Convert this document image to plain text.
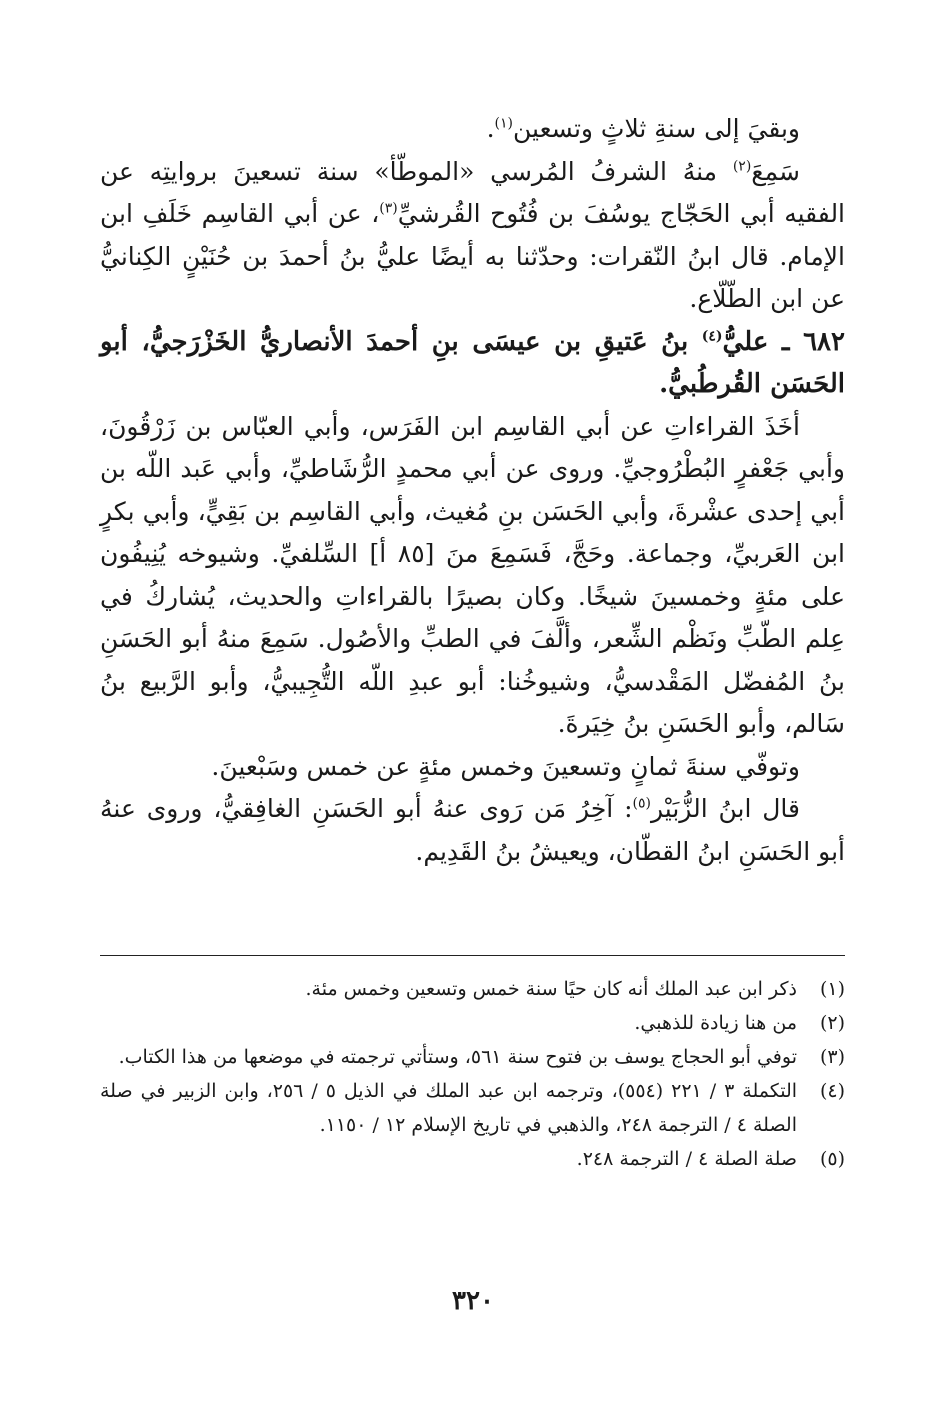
وبقيَ إلى سنةِ ثلاثٍ وتسعين$^{(١)}$.

سَمِعَ$^{(٢)}$ منهُ الشرفُ المُرسي «الموطّأ» سنة تسعينَ بروايتِه عن الفقيه أبي الحَجّاج يوسُفَ بن فُتُوح القُرشيِّ$^{(٣)}$، عن أبي القاسِم خَلَفِ ابن الإمام. قال ابنُ النّقرات: وحدّثنا به أيضًا عليُّ بنُ أحمدَ بن حُنَيْنٍ الكِنانيُّ عن ابن الطّلّاع.

٦٨٢ ـ عليُّ$^{(٤)}$ بنُ عَتيقِ بن عيسَى بنِ أحمدَ الأنصاريُّ الخَزْرَجيُّ، أبو الحَسَن القُرطُبيُّ.

أخَذَ القراءاتِ عن أبي القاسِم ابن الفَرَس، وأبي العبّاس بن زَرْقُونَ، وأبي جَعْفرٍ البُطْرُوجيِّ. وروى عن أبي محمدٍ الرُّشَاطيِّ، وأبي عَبد اللّه بن أبي إحدى عشْرةَ، وأبي الحَسَن بنِ مُغيث، وأبي القاسِم بن بَقِيٍّ، وأبي بكرٍ ابن العَربيِّ، وجماعة. وحَجَّ، فَسَمِعَ منَ [٨٥ أ] السِّلفيِّ. وشيوخه يُنِيفُون على مئةٍ وخمسينَ شيخًا. وكان بصيرًا بالقراءاتِ والحديث، يُشاركُ في عِلم الطّبِّ ونَظْم الشِّعر، وألَّفَ في الطبِّ والأصُول. سَمِعَ منهُ أبو الحَسَنِ بنُ المُفضّل المَقْدسيُّ، وشيوخُنا: أبو عبدِ اللّه التُّجِيبيُّ، وأبو الرَّبيع بنُ سَالم، وأبو الحَسَنِ بنُ خِيَرةَ.

وتوفّي سنةَ ثمانٍ وتسعينَ وخمس مئةٍ عن خمس وسَبْعينَ.

قال ابنُ الزُّبَيْر$^{(٥)}$: آخِرُ مَن رَوى عنهُ أبو الحَسَنِ الغافِقيُّ، وروى عنهُ أبو الحَسَنِ ابنُ القطّان، ويعيشُ بنُ القَدِيم.

(١)
ذكر ابن عبد الملك أنه كان حيًا سنة خمس وتسعين وخمس مئة.
(٢)
من هنا زيادة للذهبي.
(٣)
توفي أبو الحجاج يوسف بن فتوح سنة ٥٦١، وستأتي ترجمته في موضعها من هذا الكتاب.
(٤)
التكملة ٣ / ٢٢١ (٥٥٤)، وترجمه ابن عبد الملك في الذيل ٥ / ٢٥٦، وابن الزبير في صلة الصلة ٤ / الترجمة ٢٤٨، والذهبي في تاريخ الإسلام ١٢ / ١١٥٠.
(٥)
صلة الصلة ٤ / الترجمة ٢٤٨.
٣٢٠
